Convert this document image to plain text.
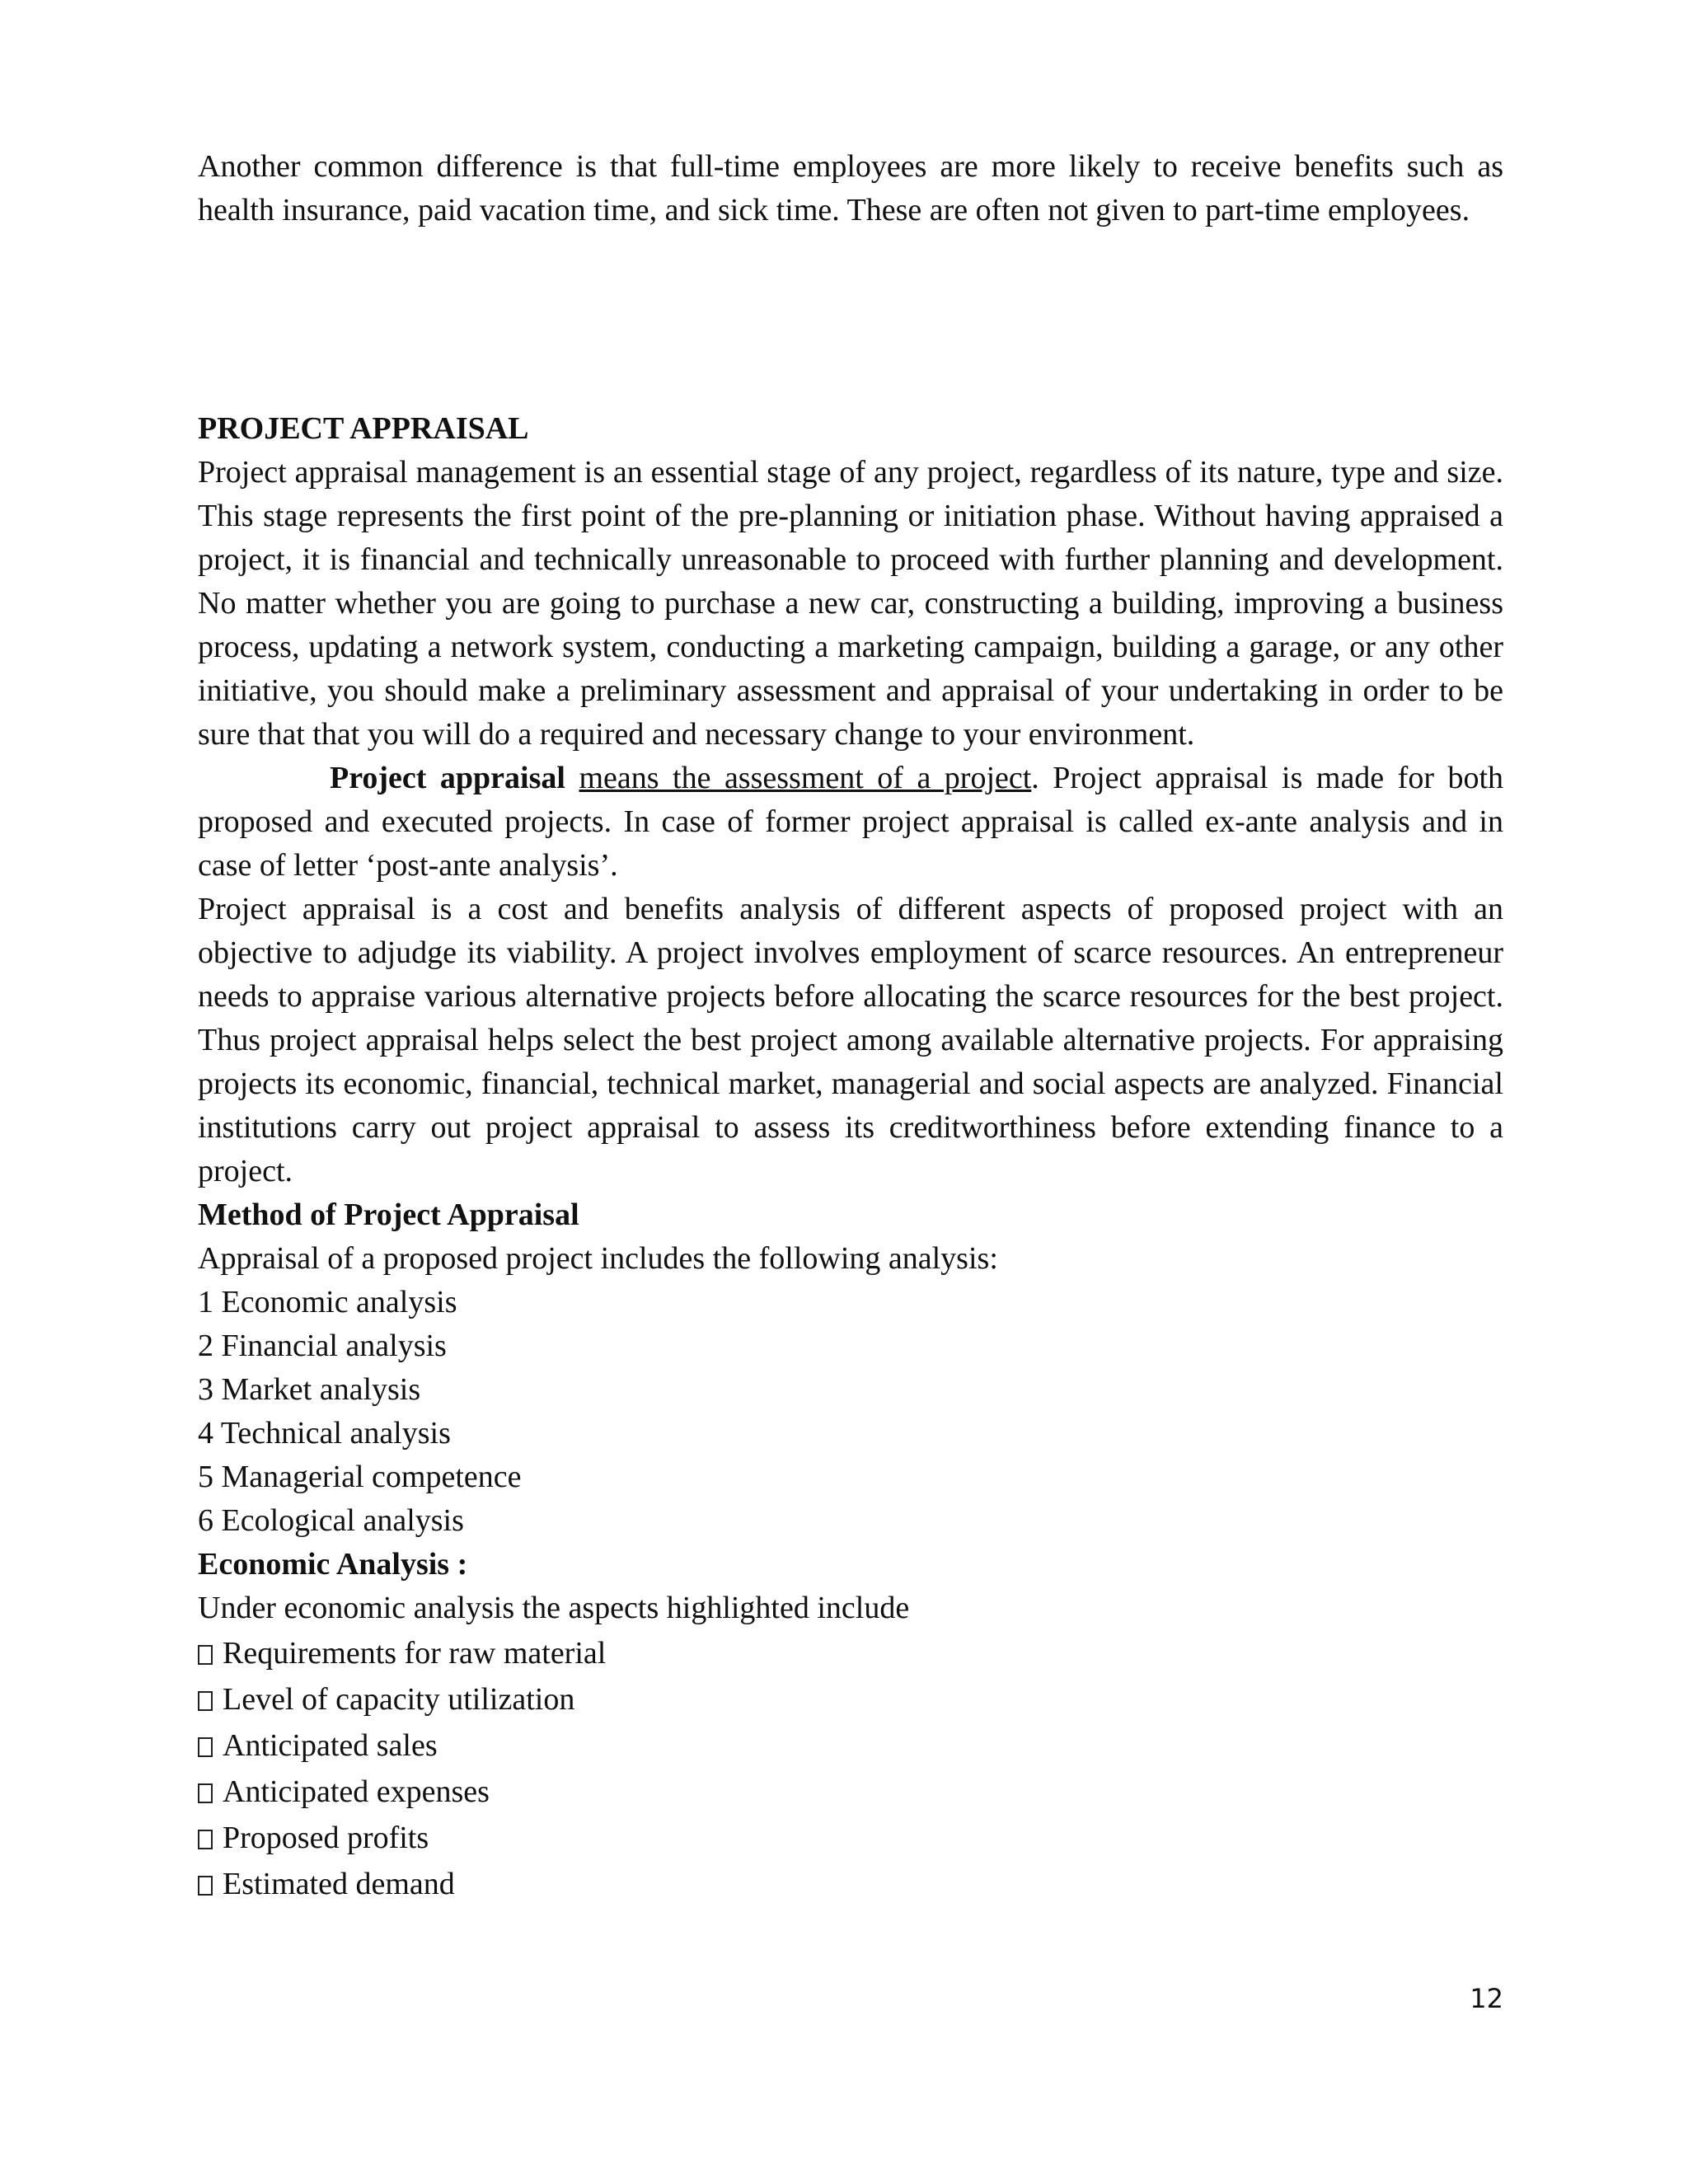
Another common difference is that full-time employees are more likely to receive benefits such as health insurance, paid vacation time, and sick time. These are often not given to part-time employees.

PROJECT APPRAISAL

Project appraisal management is an essential stage of any project, regardless of its nature, type and size. This stage represents the first point of the pre-planning or initiation phase. Without having appraised a project, it is financial and technically unreasonable to proceed with further planning and development. No matter whether you are going to purchase a new car, constructing a building, improving a business process, updating a network system, conducting a marketing campaign, building a garage, or any other initiative, you should make a preliminary assessment and appraisal of your undertaking in order to be sure that that you will do a required and necessary change to your environment.

Project appraisal means the assessment of a project. Project appraisal is made for both proposed and executed projects. In case of former project appraisal is called ex-ante analysis and in case of letter ‘post-ante analysis’.

Project appraisal is a cost and benefits analysis of different aspects of proposed project with an objective to adjudge its viability. A project involves employment of scarce resources. An entrepreneur needs to appraise various alternative projects before allocating the scarce resources for the best project. Thus project appraisal helps select the best project among available alternative projects. For appraising projects its economic, financial, technical market, managerial and social aspects are analyzed. Financial institutions carry out project appraisal to assess its creditworthiness before extending finance to a project.

Method of Project Appraisal

Appraisal of a proposed project includes the following analysis:

1 Economic analysis
2 Financial analysis
3 Market analysis
4 Technical analysis
5 Managerial competence
6 Ecological analysis

Economic Analysis :

Under economic analysis the aspects highlighted include

Requirements for raw material
Level of capacity utilization
Anticipated sales
Anticipated expenses
Proposed profits
Estimated demand
12
